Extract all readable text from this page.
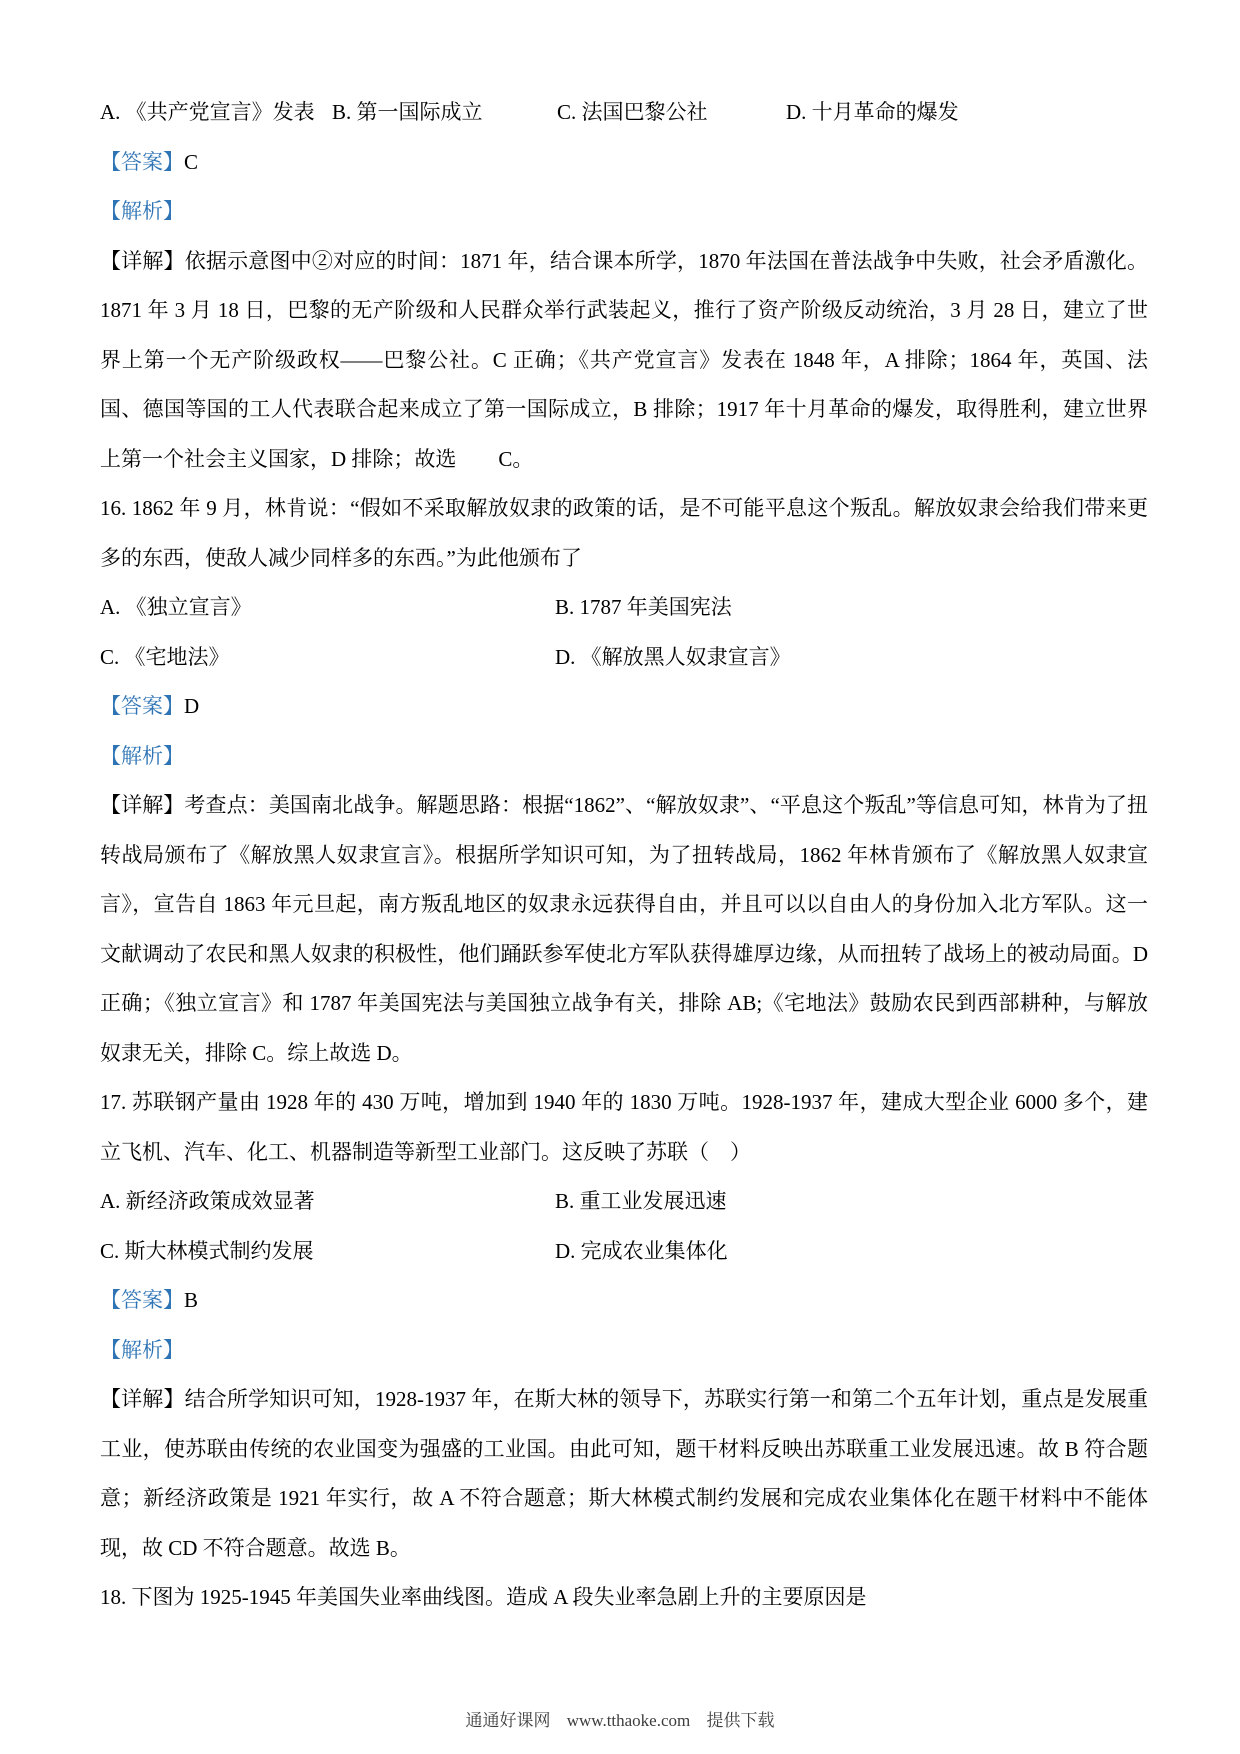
A. 《共产党宣言》发表 B. 第一国际成立	C. 法国巴黎公社	D. 十月革命的爆发

【答案】C

【解析】

【详解】依据示意图中②对应的时间：1871 年，结合课本所学，1870 年法国在普法战争中失败，社会矛盾激化。1871 年 3 月 18 日，巴黎的无产阶级和人民群众举行武装起义，推行了资产阶级反动统治，3 月 28 日，建立了世界上第一个无产阶级政权——巴黎公社。C 正确；《共产党宣言》发表在 1848 年，A 排除；1864 年，英国、法国、德国等国的工人代表联合起来成立了第一国际成立，B 排除；1917 年十月革命的爆发，取得胜利，建立世界上第一个社会主义国家，D 排除；故选　　C。

16. 1862 年 9 月，林肯说：“假如不采取解放奴隶的政策的话，是不可能平息这个叛乱。解放奴隶会给我们带来更多的东西，使敌人减少同样多的东西。”为此他颁布了

A. 《独立宣言》	B. 1787 年美国宪法

C. 《宅地法》	D. 《解放黑人奴隶宣言》

【答案】D

【解析】

【详解】考查点：美国南北战争。解题思路：根据“1862”、“解放奴隶”、“平息这个叛乱”等信息可知，林肯为了扭转战局颁布了《解放黑人奴隶宣言》。根据所学知识可知，为了扭转战局，1862 年林肯颁布了《解放黑人奴隶宣言》，宣告自 1863 年元旦起，南方叛乱地区的奴隶永远获得自由，并且可以以自由人的身份加入北方军队。这一文献调动了农民和黑人奴隶的积极性，他们踊跃参军使北方军队获得雄厚边缘，从而扭转了战场上的被动局面。D 正确；《独立宣言》和 1787 年美国宪法与美国独立战争有关，排除 AB;《宅地法》鼓励农民到西部耕种，与解放奴隶无关，排除 C。综上故选 D。

17. 苏联钢产量由 1928 年的 430 万吨，增加到 1940 年的 1830 万吨。1928-1937 年，建成大型企业 6000 多个，建立飞机、汽车、化工、机器制造等新型工业部门。这反映了苏联（　）

A. 新经济政策成效显著	B. 重工业发展迅速

C. 斯大林模式制约发展	D. 完成农业集体化

【答案】B

【解析】

【详解】结合所学知识可知，1928-1937 年，在斯大林的领导下，苏联实行第一和第二个五年计划，重点是发展重工业，使苏联由传统的农业国变为强盛的工业国。由此可知，题干材料反映出苏联重工业发展迅速。故 B 符合题意；新经济政策是 1921 年实行，故 A 不符合题意；斯大林模式制约发展和完成农业集体化在题干材料中不能体现，故 CD 不符合题意。故选 B。

18. 下图为 1925-1945 年美国失业率曲线图。造成 A 段失业率急剧上升的主要原因是

通通好课网 www.tthaoke.com 提供下载
